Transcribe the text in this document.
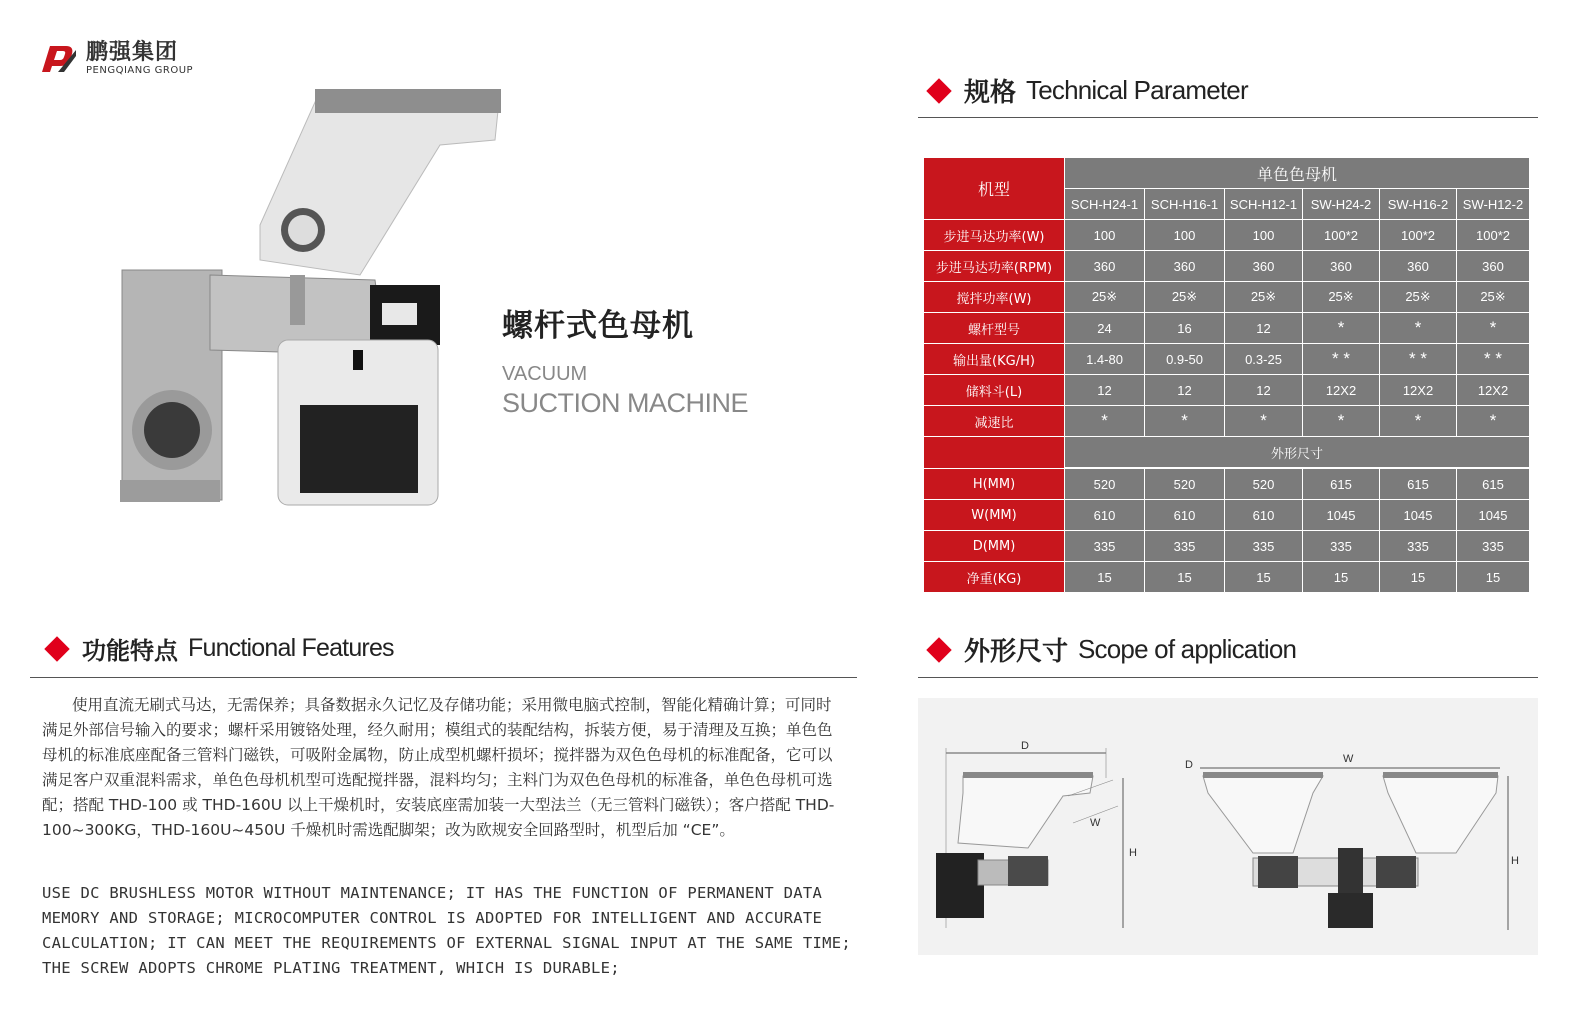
鹏强集团
PENGQIANG GROUP
螺杆式色母机
VACUUM
SUCTION MACHINE
规格 Technical Parameter
机型	单色色母机					
	SCH-H24-1	SCH-H16-1	SCH-H12-1	SW-H24-2	SW-H16-2	SW-H12-2
步进马达功率(W)	100	100	100	100*2	100*2	100*2
步进马达功率(RPM)	360	360	360	360	360	360
搅拌功率(W)	25※	25※	25※	25※	25※	25※
螺杆型号	24	16	12	*	*	*
输出量(KG/H)	1.4-80	0.9-50	0.3-25	* *	* *	* *
储料斗(L)	12	12	12	12X2	12X2	12X2
减速比	*	*	*	*	*	*
	外形尺寸					

H(MM)	520	520	520	615	615	615
W(MM)	610	610	610	1045	1045	1045
D(MM)	335	335	335	335	335	335
净重(KG)	15	15	15	15	15	15
功能特点 Functional Features

使用直流无刷式马达，无需保养；具备数据永久记忆及存储功能；采用微电脑式控制，智能化精确计算；可同时满足外部信号输入的要求；螺杆采用镀铬处理，经久耐用；模组式的装配结构，拆装方便，易于清理及互换；单色色母机的标准底座配备三管料门磁铁，可吸附金属物，防止成型机螺杆损坏；搅拌器为双色色母机的标准配备，它可以满足客户双重混料需求，单色色母机机型可选配搅拌器，混料均匀；主料门为双色色母机的标准备，单色色母机可选配；搭配 THD-100 或 THD-160U 以上干燥机时，安装底座需加装一大型法兰（无三管料门磁铁）；客户搭配 THD-100~300KG，THD-160U~450U 千燥机时需选配脚架；改为欧规安全回路型时，机型后加 “CE”。

USE DC BRUSHLESS MOTOR WITHOUT MAINTENANCE; IT HAS THE FUNCTION OF PERMANENT DATA MEMORY AND STORAGE; MICROCOMPUTER CONTROL IS ADOPTED FOR INTELLIGENT AND ACCURATE CALCULATION; IT CAN MEET THE REQUIREMENTS OF EXTERNAL SIGNAL INPUT AT THE SAME TIME; THE SCREW ADOPTS CHROME PLATING TREATMENT, WHICH IS DURABLE;

外形尺寸 Scope of application
D
W
H
W
D
H
